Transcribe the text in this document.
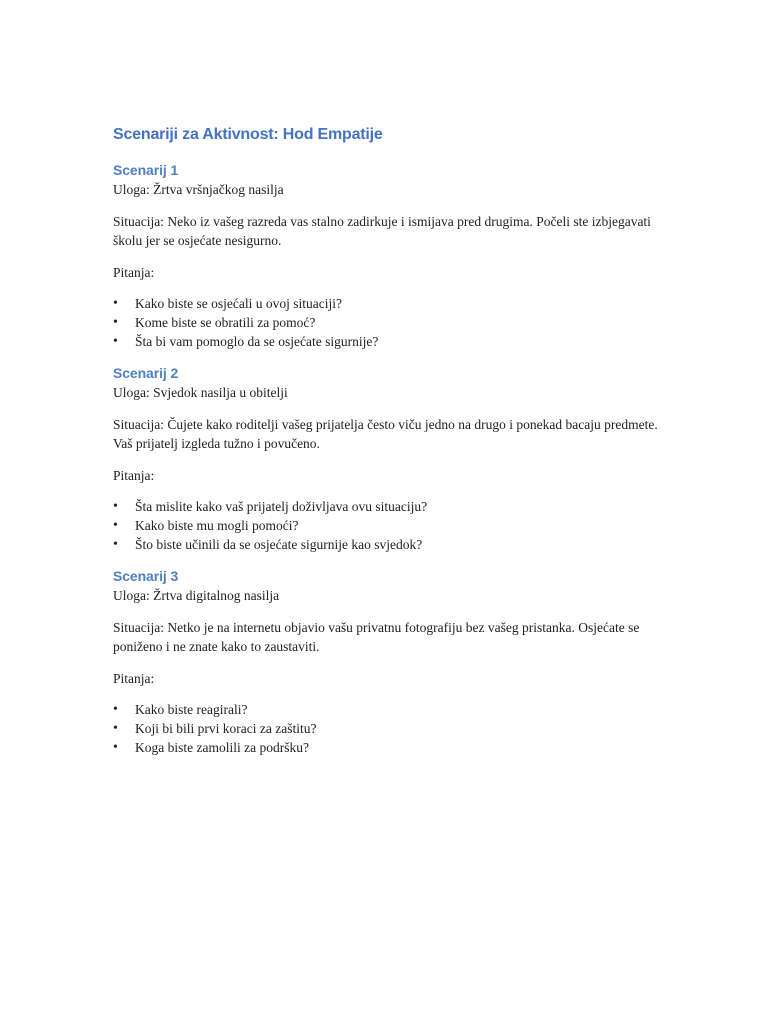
Scenariji za Aktivnost: Hod Empatije
Scenarij 1

Uloga: Žrtva vršnjačkog nasilja

Situacija: Neko iz vašeg razreda vas stalno zadirkuje i ismijava pred drugima. Počeli ste izbjegavati školu jer se osjećate nesigurno.

Pitanja:

• Kako biste se osjećali u ovoj situaciji?
• Kome biste se obratili za pomoć?
• Šta bi vam pomoglo da se osjećate sigurnije?
Scenarij 2

Uloga: Svjedok nasilja u obitelji

Situacija: Čujete kako roditelji vašeg prijatelja često viču jedno na drugo i ponekad bacaju predmete. Vaš prijatelj izgleda tužno i povučeno.

Pitanja:

• Šta mislite kako vaš prijatelj doživljava ovu situaciju?
• Kako biste mu mogli pomoći?
• Što biste učinili da se osjećate sigurnije kao svjedok?
Scenarij 3

Uloga: Žrtva digitalnog nasilja

Situacija: Netko je na internetu objavio vašu privatnu fotografiju bez vašeg pristanka. Osjećate se poniženo i ne znate kako to zaustaviti.

Pitanja:

• Kako biste reagirali?
• Koji bi bili prvi koraci za zaštitu?
• Koga biste zamolili za podršku?
